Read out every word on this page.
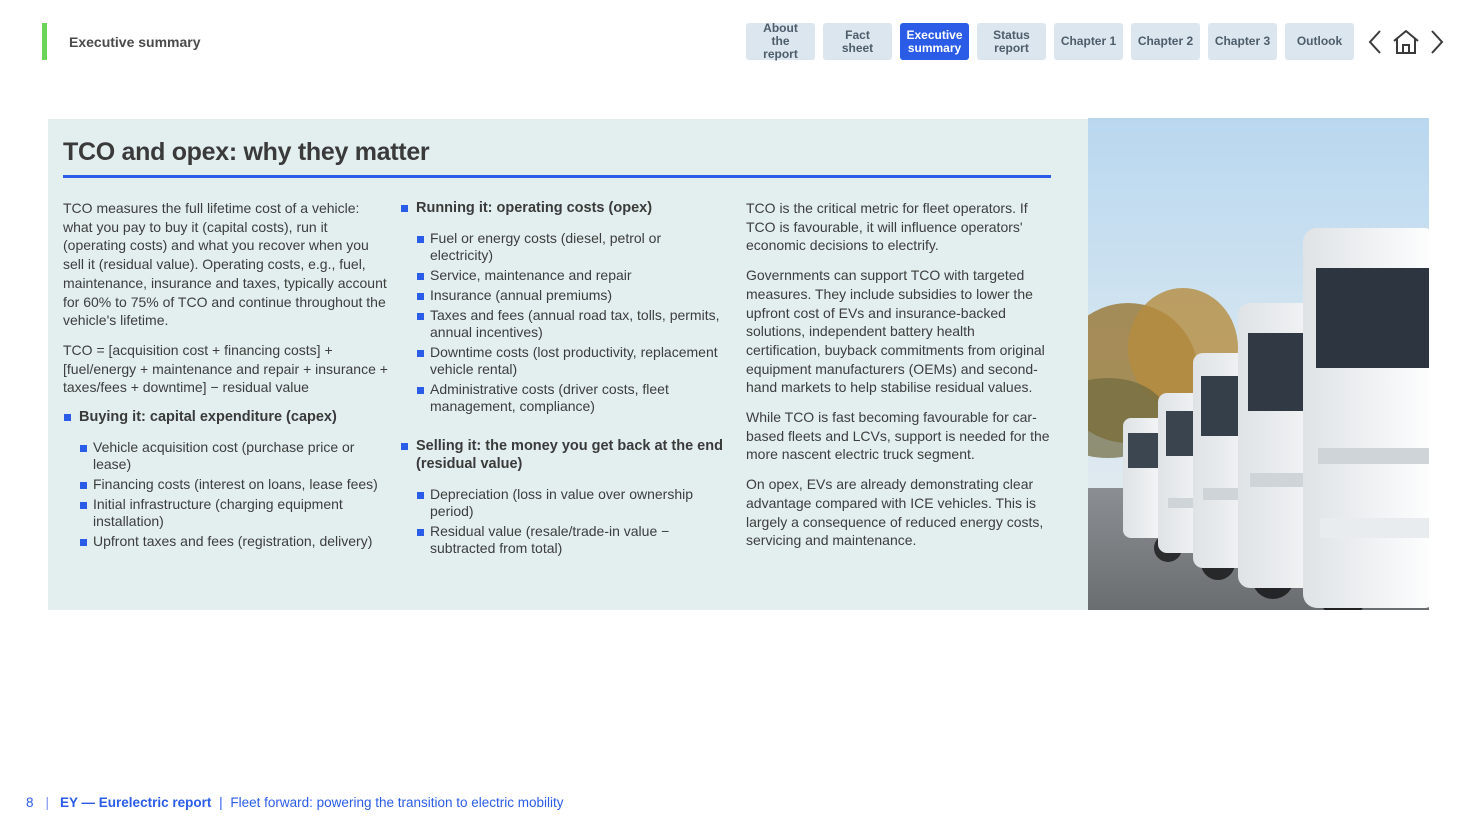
Executive summary
About the report
Fact sheet
Executive summary
Status report	Chapter 1	Chapter 2	Chapter 3	Outlook
TCO and opex: why they matter

TCO measures the full lifetime cost of a vehicle: what you pay to buy it (capital costs), run it (operating costs) and what you recover when you sell it (residual value). Operating costs, e.g., fuel, maintenance, insurance and taxes, typically account for 60% to 75% of TCO and continue throughout the vehicle's lifetime.

TCO = [acquisition cost + financing costs] + [fuel/energy + maintenance and repair + insurance + taxes/fees + downtime] − residual value

Buying it: capital expenditure (capex)
Vehicle acquisition cost (purchase price or lease)
Financing costs (interest on loans, lease fees)
Initial infrastructure (charging equipment installation)
Upfront taxes and fees (registration, delivery)
Running it: operating costs (opex)
Fuel or energy costs (diesel, petrol or electricity)
Service, maintenance and repair
Insurance (annual premiums)
Taxes and fees (annual road tax, tolls, permits, annual incentives)
Downtime costs (lost productivity, replacement vehicle rental)
Administrative costs (driver costs, fleet management, compliance)
Selling it: the money you get back at the end (residual value)
Depreciation (loss in value over ownership period)
Residual value (resale/trade-in value − subtracted from total)

TCO is the critical metric for fleet operators. If TCO is favourable, it will influence operators' economic decisions to electrify.

Governments can support TCO with targeted measures. They include subsidies to lower the upfront cost of EVs and insurance-backed solutions, independent battery health certification, buyback commitments from original equipment manufacturers (OEMs) and second-hand markets to help stabilise residual values.

While TCO is fast becoming favourable for car-based fleets and LCVs, support is needed for the more nascent electric truck segment.

On opex, EVs are already demonstrating clear advantage compared with ICE vehicles. This is largely a consequence of reduced energy costs, servicing and maintenance.

8 | EY — Eurelectric report | Fleet forward: powering the transition to electric mobility
